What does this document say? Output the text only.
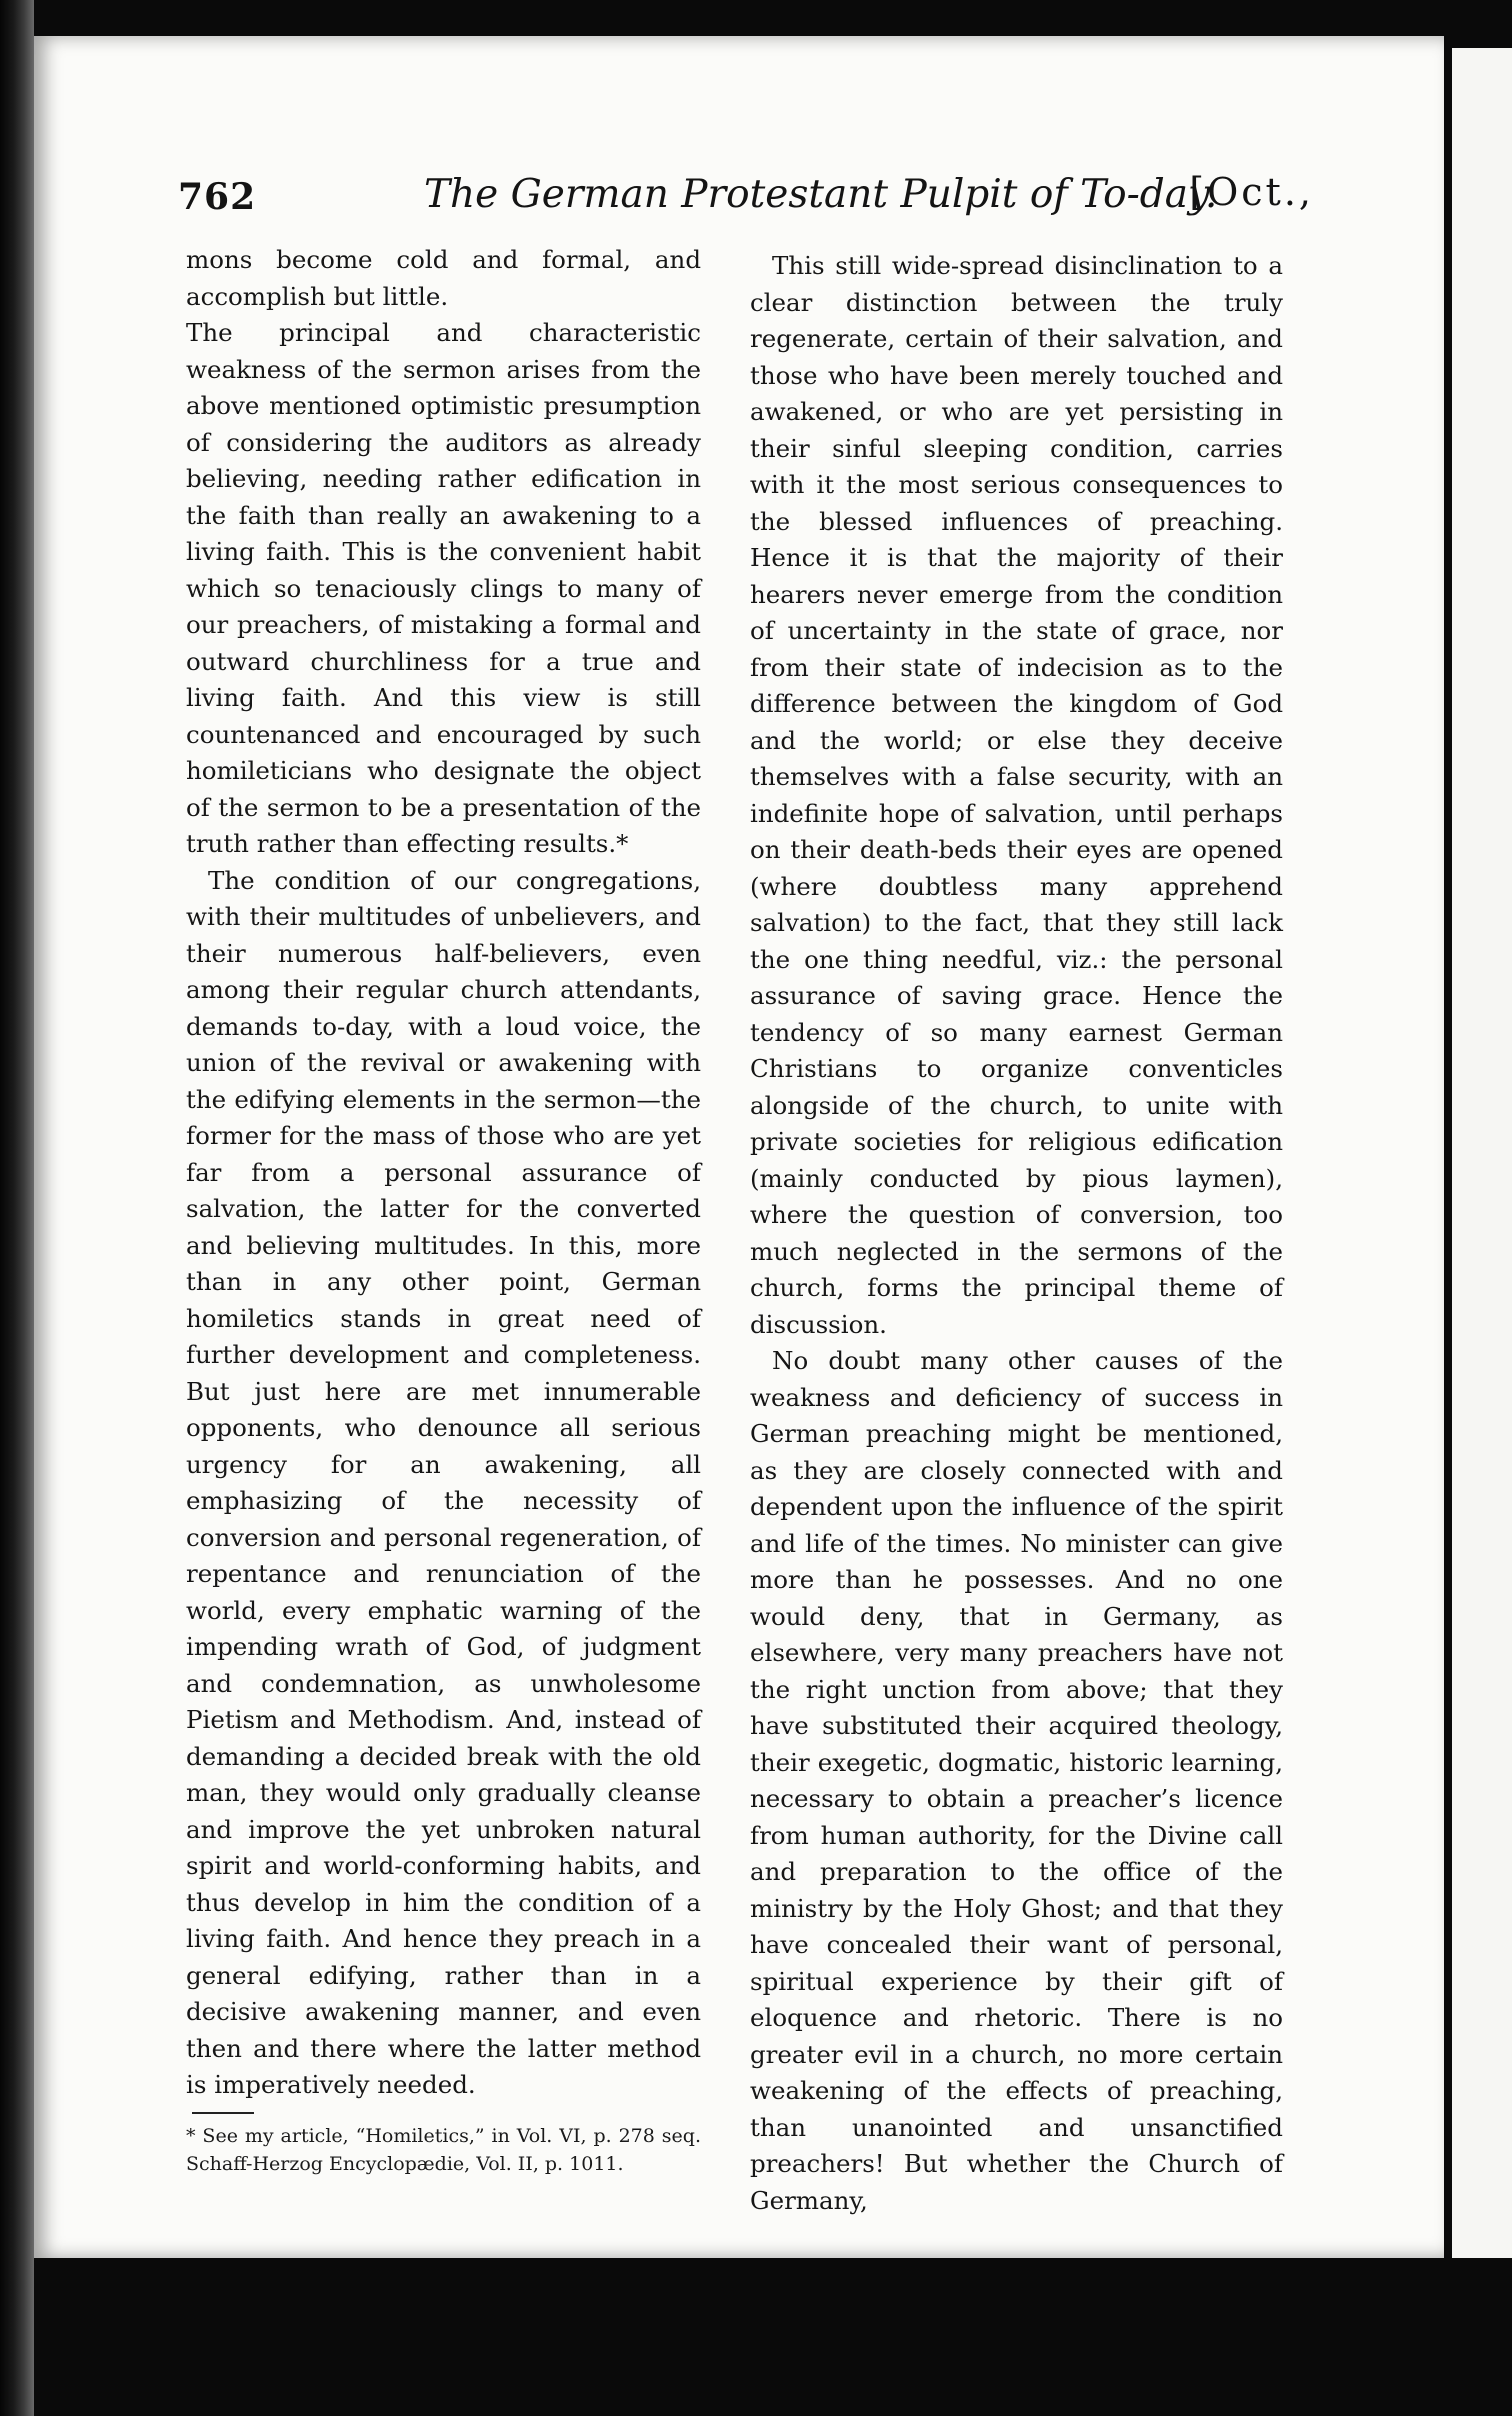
762	The German Protestant Pulpit of To-day.
[Oct.,

mons become cold and formal, and accomplish but little.

The principal and characteristic weakness of the sermon arises from the above mentioned optimistic presumption of considering the auditors as already believing, needing rather edification in the faith than really an awakening to a living faith. This is the convenient habit which so tenaciously clings to many of our preachers, of mistaking a formal and outward churchliness for a true and living faith. And this view is still countenanced and encouraged by such homileticians who designate the object of the sermon to be a presentation of the truth rather than effecting results.*

The condition of our congregations, with their multitudes of unbelievers, and their numerous half-believers, even among their regular church attendants, demands to-day, with a loud voice, the union of the revival or awakening with the edifying elements in the sermon—the former for the mass of those who are yet far from a personal assurance of salvation, the latter for the converted and believing multitudes. In this, more than in any other point, German homiletics stands in great need of further development and completeness. But just here are met innumerable opponents, who denounce all serious urgency for an awakening, all emphasizing of the necessity of conversion and personal regeneration, of repentance and renunciation of the world, every emphatic warning of the impending wrath of God, of judgment and condemnation, as unwholesome Pietism and Methodism. And, instead of demanding a decided break with the old man, they would only gradually cleanse and improve the yet unbroken natural spirit and world-conforming habits, and thus develop in him the condition of a living faith. And hence they preach in a general edifying, rather than in a decisive awakening manner, and even then and there where the latter method is imperatively needed.

* See my article, “Homiletics,” in Vol. VI, p. 278 seq. Schaff-Herzog Encyclopædie, Vol. II, p. 1011.

This still wide-spread disinclination to a clear distinction between the truly regenerate, certain of their salvation, and those who have been merely touched and awakened, or who are yet persisting in their sinful sleeping condition, carries with it the most serious consequences to the blessed influences of preaching. Hence it is that the majority of their hearers never emerge from the condition of uncertainty in the state of grace, nor from their state of indecision as to the difference between the kingdom of God and the world; or else they deceive themselves with a false security, with an indefinite hope of salvation, until perhaps on their death-beds their eyes are opened (where doubtless many apprehend salvation) to the fact, that they still lack the one thing needful, viz.: the personal assurance of saving grace. Hence the tendency of so many earnest German Christians to organize conventicles alongside of the church, to unite with private societies for religious edification (mainly conducted by pious laymen), where the question of conversion, too much neglected in the sermons of the church, forms the principal theme of discussion.

No doubt many other causes of the weakness and deficiency of success in German preaching might be mentioned, as they are closely connected with and dependent upon the influence of the spirit and life of the times. No minister can give more than he possesses. And no one would deny, that in Germany, as elsewhere, very many preachers have not the right unction from above; that they have substituted their acquired theology, their exegetic, dogmatic, historic learning, necessary to obtain a preacher’s licence from human authority, for the Divine call and preparation to the office of the ministry by the Holy Ghost; and that they have concealed their want of personal, spiritual experience by their gift of eloquence and rhetoric. There is no greater evil in a church, no more certain weakening of the effects of preaching, than unanointed and unsanctified preachers! But whether the Church of Germany,
